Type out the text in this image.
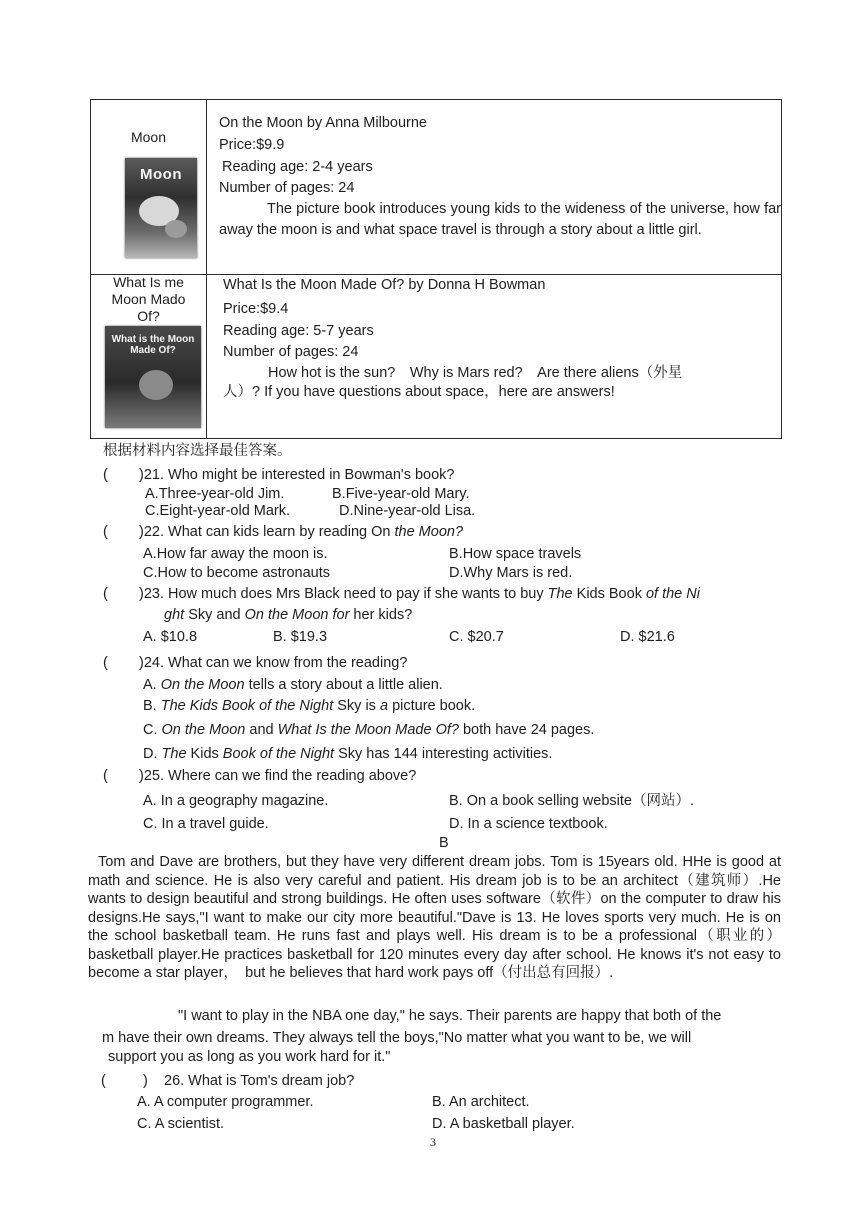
Moon
Moon
On the Moon by Anna Milbourne
Price:$9.9
Reading age: 2-4 years
Number of pages: 24
The picture book introduces young kids to the wideness of the universe, how far away the moon is and what space travel is through a story about a little girl.
What Is me
Moon Mado
Of?
What is the Moon Made Of?
What Is the Moon Made Of? by Donna H Bowman
Price:$9.4
Reading age: 5-7 years
Number of pages: 24
How hot is the sun?　Why is Mars red?　Are there aliens（外星
人）? If you have questions about space，here are answers!
根据材料内容选择最佳答案。
( )21. Who might be interested in Bowman's book?
A.Three-year-old Jim.	B.Five-year-old Mary.
C.Eight-year-old Mark.	D.Nine-year-old Lisa.
( )22. What can kids learn by reading On the Moon?
A.How far away the moon is.	B.How space travels
C.How to become astronauts	D.Why Mars is red.
( )23. How much does Mrs Black need to pay if she wants to buy The Kids Book of the Ni
ght Sky and On the Moon for her kids?
A. $10.8	B. $19.3	C. $20.7	D. $21.6
( )24. What can we know from the reading?
A. On the Moon tells a story about a little alien.
B. The Kids Book of the Night Sky is a picture book.
C. On the Moon and What Is the Moon Made Of? both have 24 pages.
D. The Kids Book of the Night Sky has 144 interesting activities.
( )25. Where can we find the reading above?
A. In a geography magazine.	B. On a book selling website（网站）.
C. In a travel guide.	D. In a science textbook.
B
Tom and Dave are brothers, but they have very different dream jobs. Tom is 15years old. HHe is good at math and science. He is also very careful and patient. His dream job is to be an architect（建筑师）.He wants to design beautiful and strong buildings. He often uses software（软件）on the computer to draw his designs.He says,"I want to make our city more beautiful."Dave is 13. He loves sports very much. He is on the school basketball team. He runs fast and plays well. His dream is to be a professional（职业的）basketball player.He practices basketball for 120 minutes every day after school. He knows it's not easy to become a star player，　but he believes that hard work pays off（付出总有回报）.
"I want to play in the NBA one day," he says. Their parents are happy that both of the
m have their own dreams. They always tell the boys,"No matter what you want to be, we will
support you as long as you work hard for it."
(	) 26. What is Tom's dream job?
A. A computer programmer.	B. An architect.
C. A scientist.	D. A basketball player.
3
